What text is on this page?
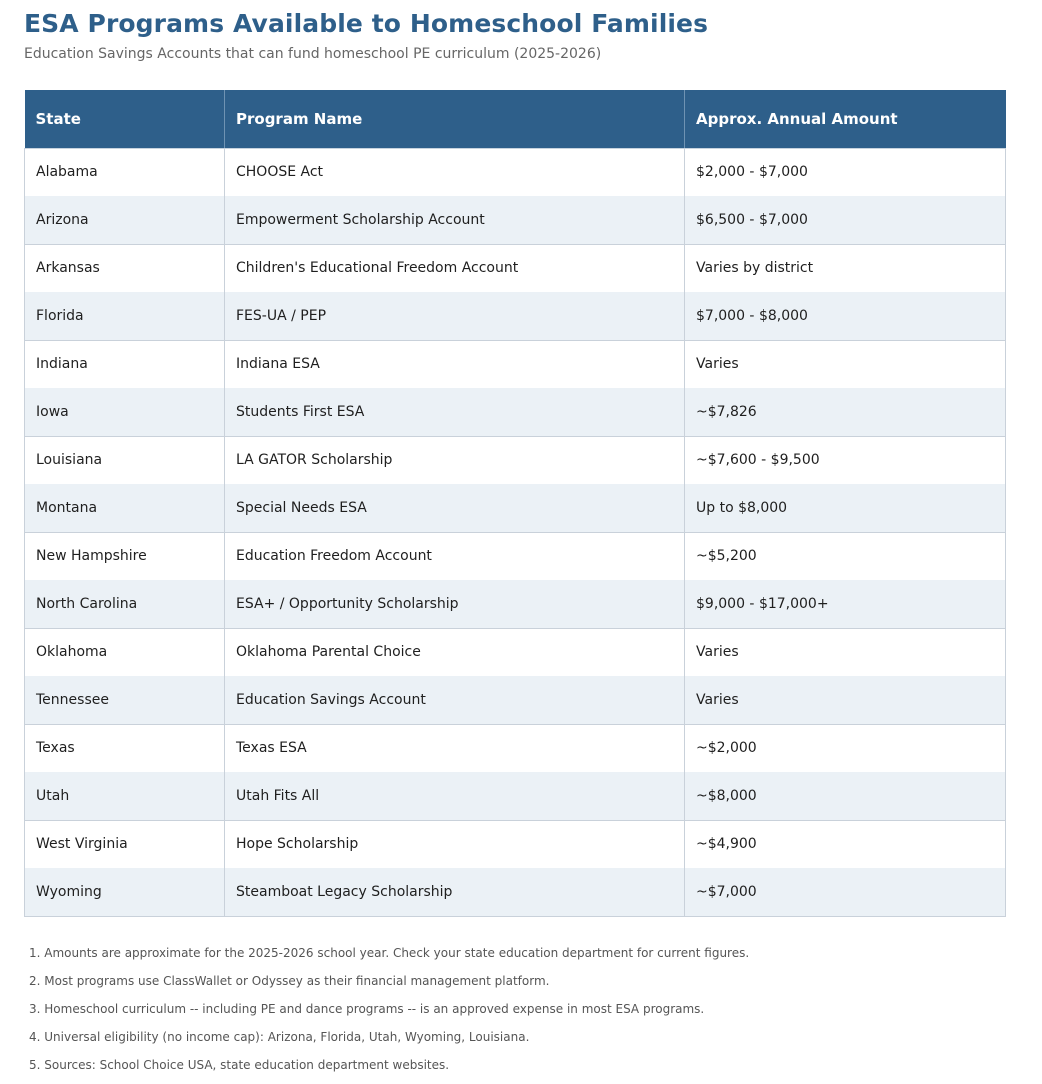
ESA Programs Available to Homeschool Families

Education Savings Accounts that can fund homeschool PE curriculum (2025-2026)

State	Program Name	Approx. Annual Amount
Alabama	CHOOSE Act	$2,000 - $7,000
Arizona	Empowerment Scholarship Account	$6,500 - $7,000
Arkansas	Children's Educational Freedom Account	Varies by district
Florida	FES-UA / PEP	$7,000 - $8,000
Indiana	Indiana ESA	Varies
Iowa	Students First ESA	~$7,826
Louisiana	LA GATOR Scholarship	~$7,600 - $9,500
Montana	Special Needs ESA	Up to $8,000
New Hampshire	Education Freedom Account	~$5,200
North Carolina	ESA+ / Opportunity Scholarship	$9,000 - $17,000+
Oklahoma	Oklahoma Parental Choice	Varies
Tennessee	Education Savings Account	Varies
Texas	Texas ESA	~$2,000
Utah	Utah Fits All	~$8,000
West Virginia	Hope Scholarship	~$4,900
Wyoming	Steamboat Legacy Scholarship	~$7,000
1. Amounts are approximate for the 2025-2026 school year. Check your state education department for current figures.
2. Most programs use ClassWallet or Odyssey as their financial management platform.
3. Homeschool curriculum -- including PE and dance programs -- is an approved expense in most ESA programs.
4. Universal eligibility (no income cap): Arizona, Florida, Utah, Wyoming, Louisiana.
5. Sources: School Choice USA, state education department websites.
